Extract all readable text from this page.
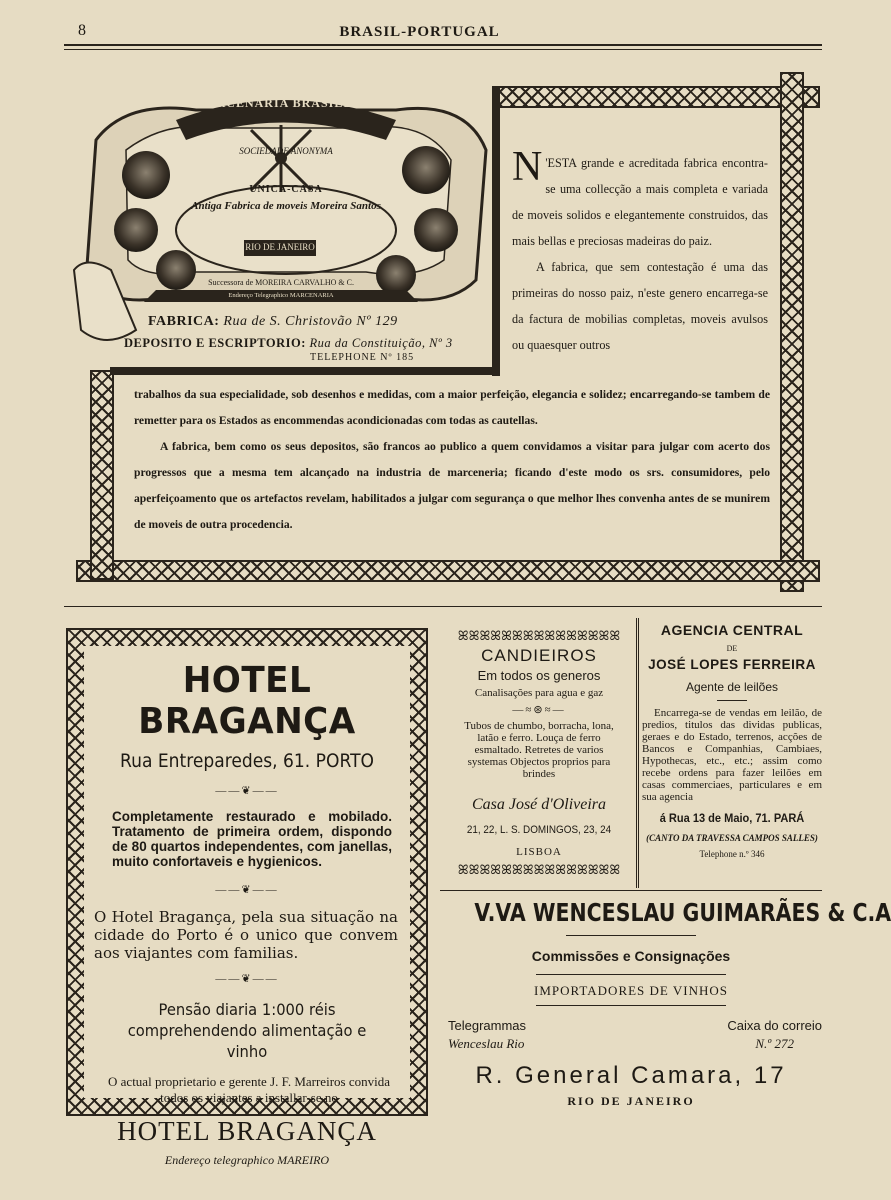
8	BRASIL-PORTUGAL
MARCENARIA BRASILEIRA
SOCIEDADE ANONYMA
UNICA-CASA
Antiga Fabrica de moveis Moreira Santos
RIO DE JANEIRO
Successora de MOREIRA CARVALHO & C.
Endereço Telegraphico MARCENARIA
FABRICA: Rua de S. Christovão Nº 129
DEPOSITO E ESCRIPTORIO: Rua da Constituição, Nº 3
TELEPHONE Nº 185

N 'ESTA grande e acreditada fabrica encontra-se uma collecção a mais completa e variada de moveis solidos e elegantemente construidos, das mais bellas e preciosas madeiras do paiz.

A fabrica, que sem contestação é uma das primeiras do nosso paiz, n'este genero encarrega-se da factura de mobilias completas, moveis avulsos ou quaesquer outros

trabalhos da sua especialidade, sob desenhos e medidas, com a maior perfeição, elegancia e solidez; encarregando-se tambem de remetter para os Estados as encommendas acondicionadas com todas as cautellas.

A fabrica, bem como os seus depositos, são francos ao publico a quem convidamos a visitar para julgar com acerto dos progressos que a mesma tem alcançado na industria de marceneria; ficando d'este modo os srs. consumidores, pelo aperfeiçoamento que os artefactos revelam, habilitados a julgar com segurança o que melhor lhes convenha antes de se munirem de moveis de outra procedencia.

HOTEL BRAGANÇA
Rua Entreparedes, 61. PORTO
——❦——
Completamente restaurado e mobilado. Tratamento de primeira ordem, dispondo de 80 quartos independentes, com janellas, muito confortaveis e hygienicos.
——❦——
O Hotel Bragança, pela sua situação na cidade do Porto é o unico que convem aos viajantes com familias.
——❦——
Pensão diaria 1:000 réis comprehendendo alimentação e vinho
O actual proprietario e gerente J. F. Marreiros convida todos os viajantes a installar-se no
HOTEL BRAGANÇA
Endereço telegraphico MAREIRO
ꕤꕤꕤꕤꕤꕤꕤꕤꕤꕤꕤꕤꕤꕤꕤ
CANDIEIROS
Em todos os generos
Canalisações para agua e gaz
—≈⊛≈—
Tubos de chumbo, borracha, lona, latão e ferro. Louça de ferro esmaltado. Retretes de varios systemas Objectos proprios para brindes
Casa José d'Oliveira
21, 22, L. S. DOMINGOS, 23, 24
LISBOA
ꕤꕤꕤꕤꕤꕤꕤꕤꕤꕤꕤꕤꕤꕤꕤ
AGENCIA CENTRAL
DE
JOSÉ LOPES FERREIRA
Agente de leilões
Encarrega-se de vendas em leilão, de predios, titulos das dividas publicas, geraes e do Estado, terrenos, acções de Bancos e Companhias, Cambiaes, Hypothecas, etc., etc.; assim como recebe ordens para fazer leilões em casas commerciaes, particulares e em sua agencia
á Rua 13 de Maio, 71. PARÁ
(CANTO DA TRAVESSA CAMPOS SALLES)
Telephone n.º 346
V.VA WENCESLAU GUIMARÃES & C.A
Commissões e Consignações
IMPORTADORES DE VINHOS
Telegrammas
Wenceslau Rio
Caixa do correio
N.º 272
R. General Camara, 17
RIO DE JANEIRO
